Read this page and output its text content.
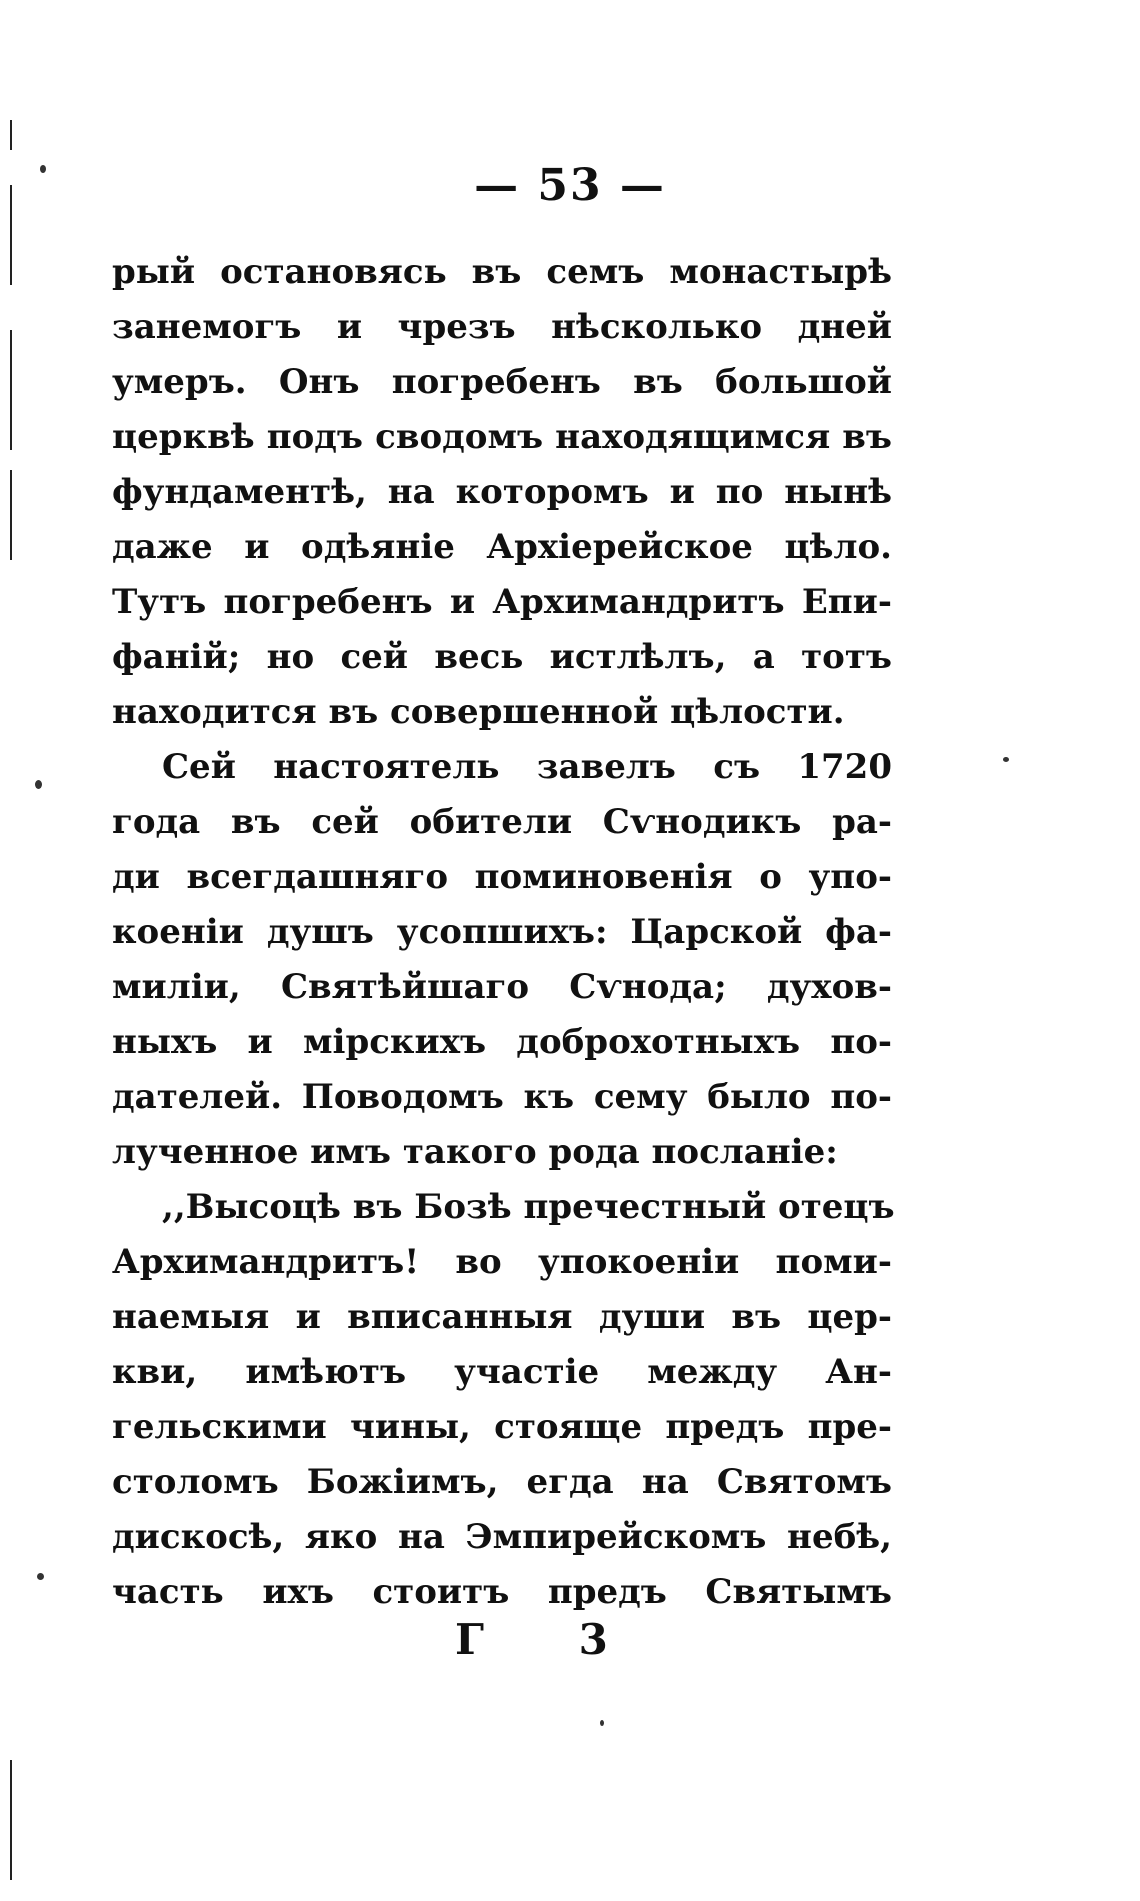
— 53 —
рый остановясь въ семъ монастырѣ
занемогъ и чрезъ нѣсколько дней
умеръ. Онъ погребенъ въ большой
церквѣ подъ сводомъ находящимся въ
фундаментѣ, на которомъ и по нынѣ
даже и одѣяніе Архіерейское цѣло.
Тутъ погребенъ и Архимандритъ Епи-
фаній; но сей весь истлѣлъ, а тотъ
находится въ совершенной цѣлости.
Сей настоятель завелъ съ 1720
года въ сей обители Сѵнодикъ ра-
ди всегдашняго поминовенія о упо-
коеніи душъ усопшихъ: Царской фа-
миліи, Святѣйшаго Сѵнода; духов-
ныхъ и мірскихъ доброхотныхъ по-
дателей. Поводомъ къ сему было по-
лученное имъ такого рода посланіе:
,,Высоцѣ въ Бозѣ пречестный отецъ
Архимандритъ! во упокоеніи поми-
наемыя и вписанныя души въ цер-
кви, имѣютъ участіе между Ан-
гельскими чины, стояще предъ пре-
столомъ Божіимъ, егда на Святомъ
дискосѣ, яко на Эмпирейскомъ небѣ,
часть ихъ стоитъ предъ Святымъ
Г 3
